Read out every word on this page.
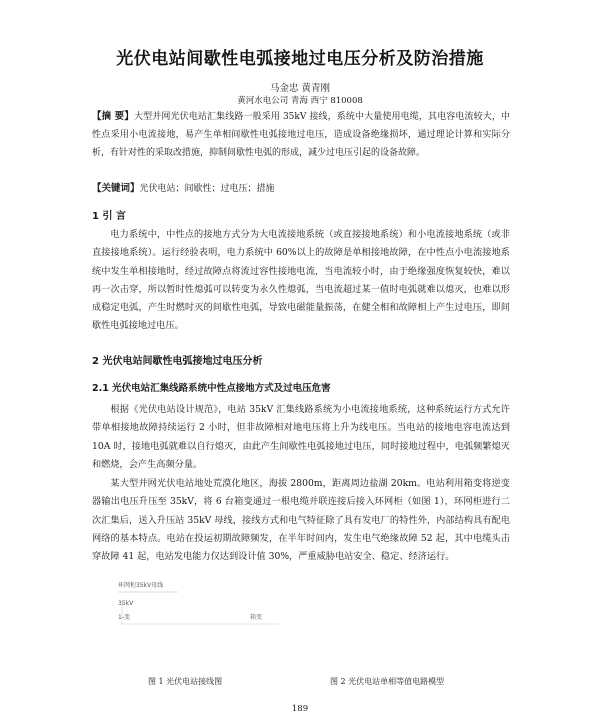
光伏电站间歇性电弧接地过电压分析及防治措施
马金忠 黄青刚
黄河水电公司 青海 西宁 810008
【摘 要】大型并网光伏电站汇集线路一般采用 35kV 接线，系统中大量使用电缆，其电容电流较大，中性点采用小电流接地，易产生单相间歇性电弧接地过电压，造成设备绝缘损坏，通过理论计算和实际分析，有针对性的采取改措施，抑制间歇性电弧的形成，减少过电压引起的设备故障。
【关键词】光伏电站；间歇性；过电压；措施
1 引 言
电力系统中，中性点的接地方式分为大电流接地系统（或直接接地系统）和小电流接地系统（或非直接接地系统）。运行经验表明，电力系统中 60%以上的故障是单相接地故障，在中性点小电流接地系统中发生单相接地时，经过故障点将流过容性接地电流，当电流较小时，由于绝缘强度恢复较快，难以再一次击穿，所以暂时性熄弧可以转变为永久性熄弧，当电流超过某一值时电弧就难以熄灭，也难以形成稳定电弧，产生时燃时灭的间歇性电弧，导致电磁能量振荡，在健全相和故障相上产生过电压，即间歇性电弧接地过电压。
2 光伏电站间歇性电弧接地过电压分析
2.1 光伏电站汇集线路系统中性点接地方式及过电压危害
根据《光伏电站设计规范》，电站 35kV 汇集线路系统为小电流接地系统，这种系统运行方式允许带单相接地故障持续运行 2 小时，但非故障相对地电压将上升为线电压。当电站的接地电容电流达到 10A 时，接地电弧就难以自行熄灭，由此产生间歇性电弧接地过电压，同时接地过程中，电弧频繁熄灭和燃烧，会产生高频分量。
某大型并网光伏电站地处荒漠化地区，海拔 2800m，距离周边盐湖 20km。电站利用箱变将逆变器输出电压升压至 35kV，将 6 台箱变通过一根电缆并联连接后接入环网柜（如图 1），环网柜进行二次汇集后，送入升压站 35kV 母线，接线方式和电气特征除了具有发电厂的特性外，内部结构具有配电网络的基本特点。电站在投运初期故障频发，在半年时间内，发生电气绝缘故障 52 起，其中电缆头击穿故障 41 起，电站发电能力仅达到设计值 30%，严重威胁电站安全、稳定、经济运行。
环网柜35kV母线
35kV
1-变	箱变
图 1 光伏电站接线图	图 2 光伏电站单相等值电路模型
189
